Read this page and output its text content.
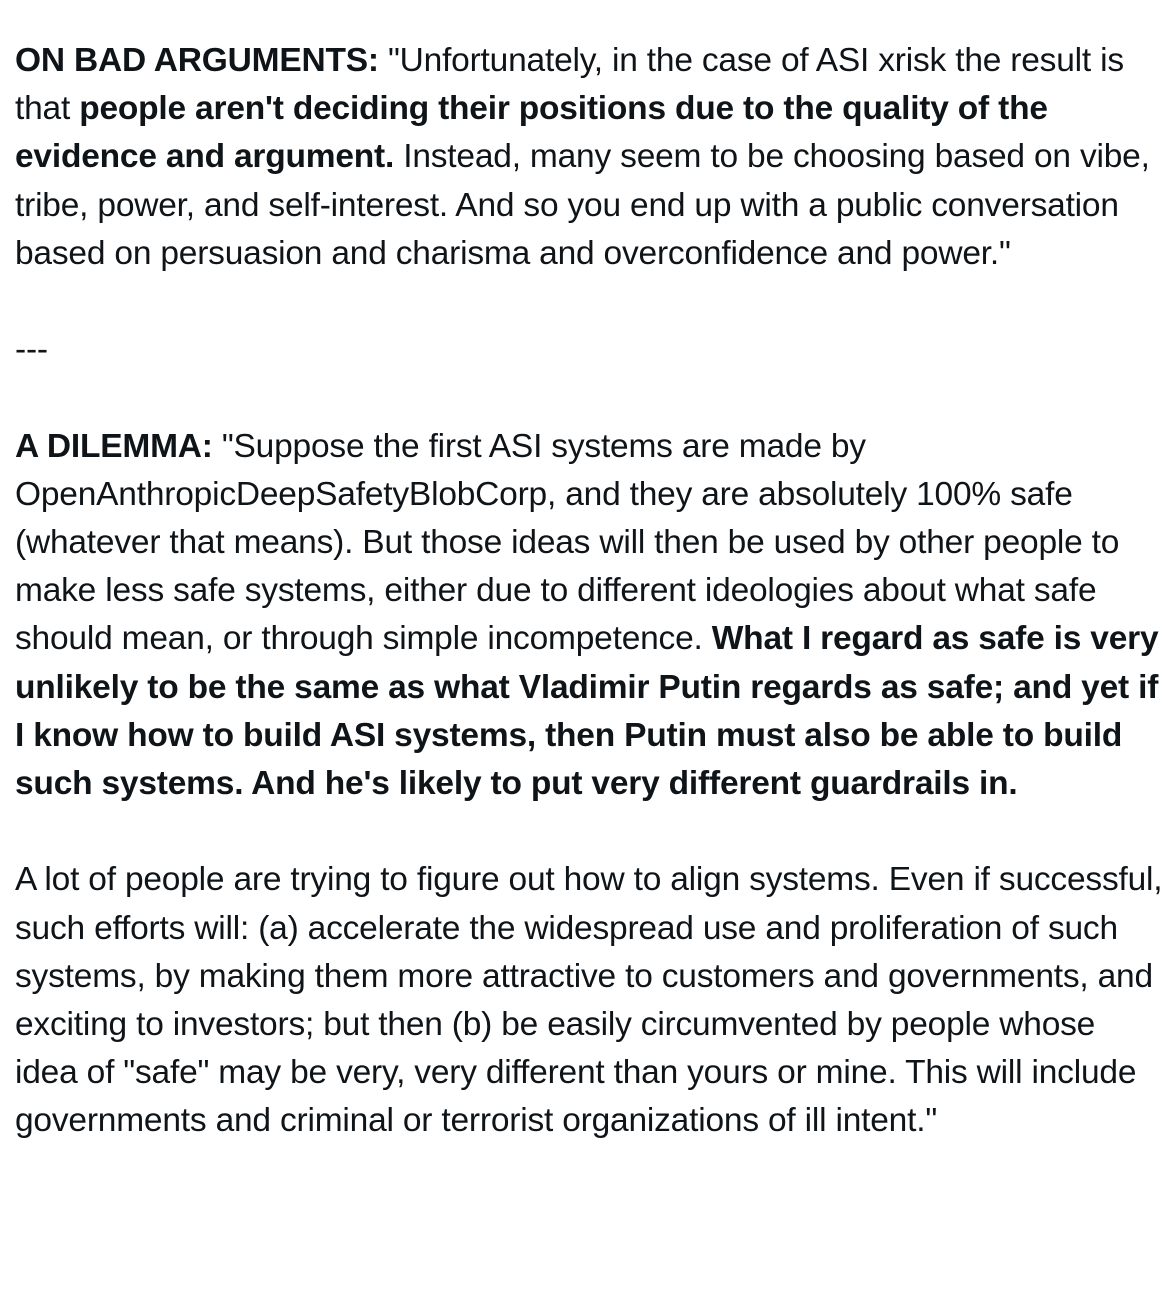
ON BAD ARGUMENTS: "Unfortunately, in the case of ASI xrisk the result is that people aren't deciding their positions due to the quality of the evidence and argument. Instead, many seem to be choosing based on vibe, tribe, power, and self-interest. And so you end up with a public conversation based on persuasion and charisma and overconfidence and power."

---

A DILEMMA: "Suppose the first ASI systems are made by OpenAnthropicDeepSafetyBlobCorp, and they are absolutely 100% safe (whatever that means). But those ideas will then be used by other people to make less safe systems, either due to different ideologies about what safe should mean, or through simple incompetence. What I regard as safe is very unlikely to be the same as what Vladimir Putin regards as safe; and yet if I know how to build ASI systems, then Putin must also be able to build such systems. And he's likely to put very different guardrails in.

A lot of people are trying to figure out how to align systems. Even if successful, such efforts will: (a) accelerate the widespread use and proliferation of such systems, by making them more attractive to customers and governments, and exciting to investors; but then (b) be easily circumvented by people whose idea of "safe" may be very, very different than yours or mine. This will include governments and criminal or terrorist organizations of ill intent."
